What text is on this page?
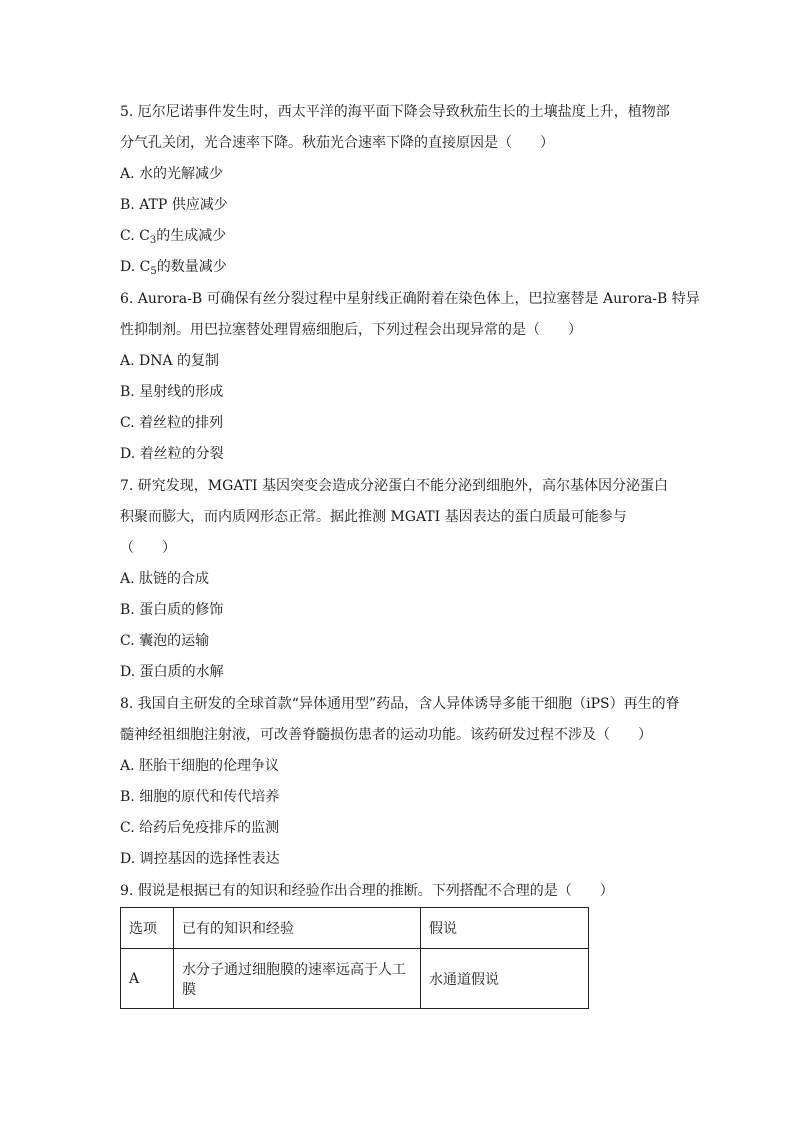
5. 厄尔尼诺事件发生时，西太平洋的海平面下降会导致秋茄生长的土壤盐度上升，植物部
分气孔关闭，光合速率下降。秋茄光合速率下降的直接原因是（　　）
A. 水的光解减少
B. ATP 供应减少
C. $C_3$的生成减少
D. $C_5$的数量减少
6. Aurora-B 可确保有丝分裂过程中星射线正确附着在染色体上，巴拉塞替是 Aurora-B 特异
性抑制剂。用巴拉塞替处理胃癌细胞后，下列过程会出现异常的是（　　）
A. DNA 的复制
B. 星射线的形成
C. 着丝粒的排列
D. 着丝粒的分裂
7. 研究发现，MGATI 基因突变会造成分泌蛋白不能分泌到细胞外，高尔基体因分泌蛋白
积聚而膨大，而内质网形态正常。据此推测 MGATI 基因表达的蛋白质最可能参与
（　　）
A. 肽链的合成
B. 蛋白质的修饰
C. 囊泡的运输
D. 蛋白质的水解
8. 我国自主研发的全球首款“异体通用型”药品，含人异体诱导多能干细胞（iPS）再生的脊
髓神经祖细胞注射液，可改善脊髓损伤患者的运动功能。该药研发过程不涉及（　　）
A. 胚胎干细胞的伦理争议
B. 细胞的原代和传代培养
C. 给药后免疫排斥的监测
D. 调控基因的选择性表达
9. 假说是根据已有的知识和经验作出合理的推断。下列搭配不合理的是（　　）
选项	已有的知识和经验	假说
A	水分子通过细胞膜的速率远高于人工膜	水通道假说
